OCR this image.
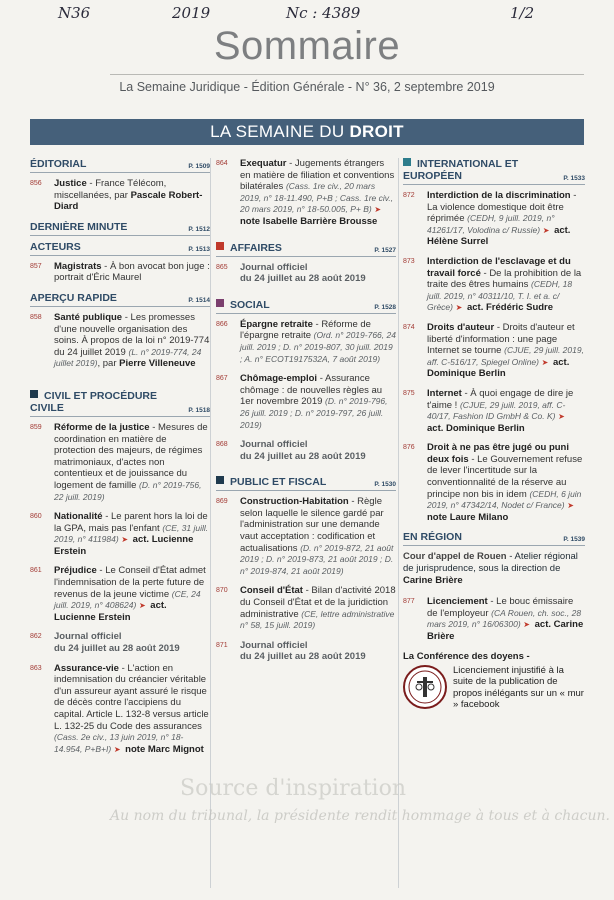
N36	2019	Nc : 4389	1/2
Sommaire
La Semaine Juridique - Édition Générale - N° 36, 2 septembre 2019
LA SEMAINE DU DROIT
Source d'inspiration
Au nom du tribunal, la présidente rendit hommage à tous et à chacun.
ÉDITORIAL	P. 1509
856	Justice - France Télécom, miscellanées, par Pascale Robert-Diard
DERNIÈRE MINUTE	P. 1512
ACTEURS	P. 1513
857	Magistrats - À bon avocat bon juge : portrait d'Éric Maurel
APERÇU RAPIDE	P. 1514
858	Santé publique - Les promesses d'une nouvelle organisation des soins. À propos de la loi n° 2019-774 du 24 juillet 2019 (L. n° 2019-774, 24 juillet 2019), par Pierre Villeneuve
CIVIL ET PROCÉDURE CIVILE	P. 1518
859	Réforme de la justice - Mesures de coordination en matière de protection des majeurs, de régimes matrimoniaux, d'actes non contentieux et de jouissance du logement de famille (D. n° 2019-756, 22 juill. 2019)
860	Nationalité - Le parent hors la loi de la GPA, mais pas l'enfant (CE, 31 juill. 2019, n° 411984) ➤ act. Lucienne Erstein
861	Préjudice - Le Conseil d'État admet l'indemnisation de la perte future de revenus de la jeune victime (CE, 24 juill. 2019, n° 408624) ➤ act. Lucienne Erstein
862	Journal officiel
du 24 juillet au 28 août 2019
863	Assurance-vie - L'action en indemnisation du créancier véritable d'un assureur ayant assuré le risque de décès contre l'accipiens du capital. Article L. 132-8 versus article L. 132-25 du Code des assurances (Cass. 2e civ., 13 juin 2019, n° 18-14.954, P+B+I) ➤ note Marc Mignot
864	Exequatur - Jugements étrangers en matière de filiation et conventions bilatérales (Cass. 1re civ., 20 mars 2019, n° 18-11.490, P+B ; Cass. 1re civ., 20 mars 2019, n° 18-50.005, P+ B) ➤ note Isabelle Barrière Brousse
AFFAIRES	P. 1527
865	Journal officiel
du 24 juillet au 28 août 2019
SOCIAL	P. 1528
866	Épargne retraite - Réforme de l'épargne retraite (Ord. n° 2019-766, 24 juill. 2019 ; D. n° 2019-807, 30 juill. 2019 ; A. n° ECOT1917532A, 7 août 2019)
867	Chômage-emploi - Assurance chômage : de nouvelles règles au 1er novembre 2019 (D. n° 2019-796, 26 juill. 2019 ; D. n° 2019-797, 26 juill. 2019)
868	Journal officiel
du 24 juillet au 28 août 2019
PUBLIC ET FISCAL	P. 1530
869	Construction-Habitation - Règle selon laquelle le silence gardé par l'administration sur une demande vaut acceptation : codification et actualisations (D. n° 2019-872, 21 août 2019 ; D. n° 2019-873, 21 août 2019 ; D. n° 2019-874, 21 août 2019)
870	Conseil d'État - Bilan d'activité 2018 du Conseil d'État et de la juridiction administrative (CE, lettre administrative n° 58, 15 juill. 2019)
871	Journal officiel
du 24 juillet au 28 août 2019
INTERNATIONAL ET EUROPÉEN	P. 1533
872	Interdiction de la discrimination - La violence domestique doit être réprimée (CEDH, 9 juill. 2019, n° 41261/17, Volodina c/ Russie) ➤ act. Hélène Surrel
873	Interdiction de l'esclavage et du travail forcé - De la prohibition de la traite des êtres humains (CEDH, 18 juill. 2019, n° 40311/10, T. I. et a. c/ Grèce) ➤ act. Frédéric Sudre
874	Droits d'auteur - Droits d'auteur et liberté d'information : une page Internet se tourne (CJUE, 29 juill. 2019, aff. C-516/17, Spiegel Online) ➤ act. Dominique Berlin
875	Internet - À quoi engage de dire je t'aime ! (CJUE, 29 juill. 2019, aff. C-40/17, Fashion ID GmbH & Co. K) ➤ act. Dominique Berlin
876	Droit à ne pas être jugé ou puni deux fois - Le Gouvernement refuse de lever l'incertitude sur la conventionnalité de la réserve au principe non bis in idem (CEDH, 6 juin 2019, n° 47342/14, Nodet c/ France) ➤ note Laure Milano
EN RÉGION	P. 1539
Cour d'appel de Rouen - Atelier régional de jurisprudence, sous la direction de Carine Brière
877	Licenciement - Le bouc émissaire de l'employeur (CA Rouen, ch. soc., 28 mars 2019, n° 16/06300) ➤ act. Carine Brière
La Conférence des doyens -
Licenciement injustifié à la suite de la publication de propos inélégants sur un « mur » facebook
